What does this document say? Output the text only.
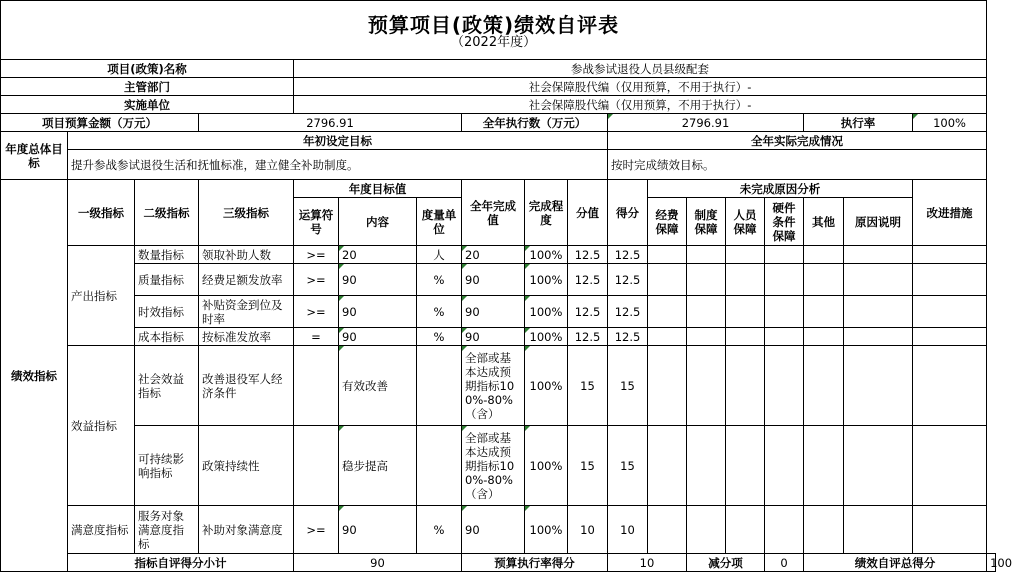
预算项目(政策)绩效自评表
（2022年度）																		

项目(政策)名称				参战参试退役人员县级配套														
主管部门				社会保障股代编（仅用预算，不用于执行）-														
实施单位				社会保障股代编（仅用预算，不用于执行）-														
项目预算金额（万元）			2796.91				全年执行数（万元）			2796.91					执行率		100%	
年度总体目标	年初设定目标									全年实际完成情况								
	提升参战参试退役生活和抚恤标准，建立健全补助制度。									按时完成绩效目标。								
绩效指标	一级指标	二级指标	三级指标	年度目标值			全年完成值	完成程度	分值	得分	未完成原因分析						改进措施	
				运算符号	内容	度量单位					经费保障	制度保障	人员保障	硬件条件保障	其他	原因说明		
	产出指标	数量指标	领取补助人数	>=	20	人	20	100%	12.5	12.5								
		质量指标	经费足额发放率	>=	90	%	90	100%	12.5	12.5								
		时效指标	补贴资金到位及时率	>=	90	%	90	100%	12.5	12.5								
		成本指标	按标准发放率	=	90	%	90	100%	12.5	12.5								
	效益指标	社会效益指标	改善退役军人经济条件		有效改善		全部或基本达成预期指标100%-80%（含）	100%	15	15								
		可持续影响指标	政策持续性		稳步提高		全部或基本达成预期指标100%-80%（含）	100%	15	15								
	满意度指标	服务对象满意度指标	补助对象满意度	>=	90	%	90	100%	10	10								
	指标自评得分小计			90			预算执行率得分			10		减分项		0	绩效自评总得分			100
